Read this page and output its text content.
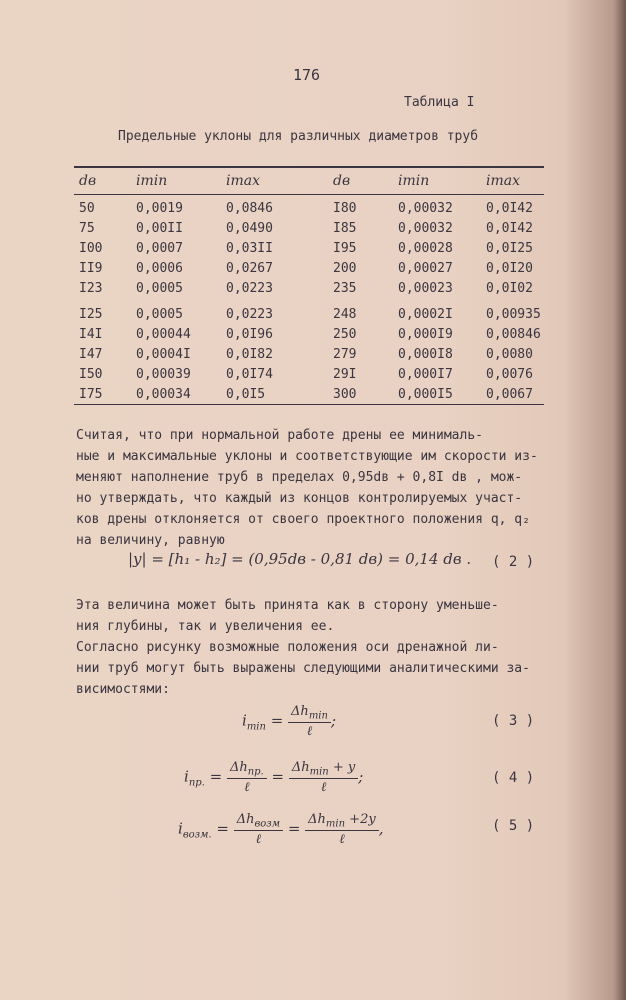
176
Таблица I
Предельные уклоны для различных диаметров труб
dв	imin	imax	dв	imin	imax
50	0,0019	0,0846	I80	0,00032	0,0I42
75	0,00II	0,0490	I85	0,00032	0,0I42
I00	0,0007	0,03II	I95	0,00028	0,0I25
II9	0,0006	0,0267	200	0,00027	0,0I20
I23	0,0005	0,0223	235	0,00023	0,0I02
I25	0,0005	0,0223	248	0,0002I	0,00935
I4I	0,00044	0,0I96	250	0,000I9	0,00846
I47	0,0004I	0,0I82	279	0,000I8	0,0080
I50	0,00039	0,0I74	29I	0,000I7	0,0076
I75	0,00034	0,0I5	300	0,000I5	0,0067
Считая, что при нормальной работе дрены ее минималь-
ные и максимальные уклоны и соответствующие им скорости из-
меняют наполнение труб в пределах 0,95dв + 0,8I dв , мож-
но утверждать, что каждый из концов контролируемых участ-
ков дрены отклоняется от своего проектного положения q, q₂
на величину, равную
|y| = [h₁ - h₂] = (0,95dв - 0,81 dв) = 0,14 dв . ( 2 )
Эта величина может быть принята как в сторону уменьше-
ния глубины, так и увеличения ее.
Согласно рисунку возможные положения оси дренажной ли-
нии труб могут быть выражены следующими аналитическими за-
висимостями:
$i_{min} = \frac{\Delta h_{min}}{\text{ℓ}}$ ;	( 3 )
$i_{пр.} = \frac{\Delta h_{пр.}}{\text{ℓ}} = \frac{\Delta h_{min} + y}{\text{ℓ}}$ ;	( 4 )
$i_{возм.} = \frac{\Delta h_{возм}}{\text{ℓ}} = \frac{\Delta h_{min} +2y}{\text{ℓ}}$ ,	( 5 )
